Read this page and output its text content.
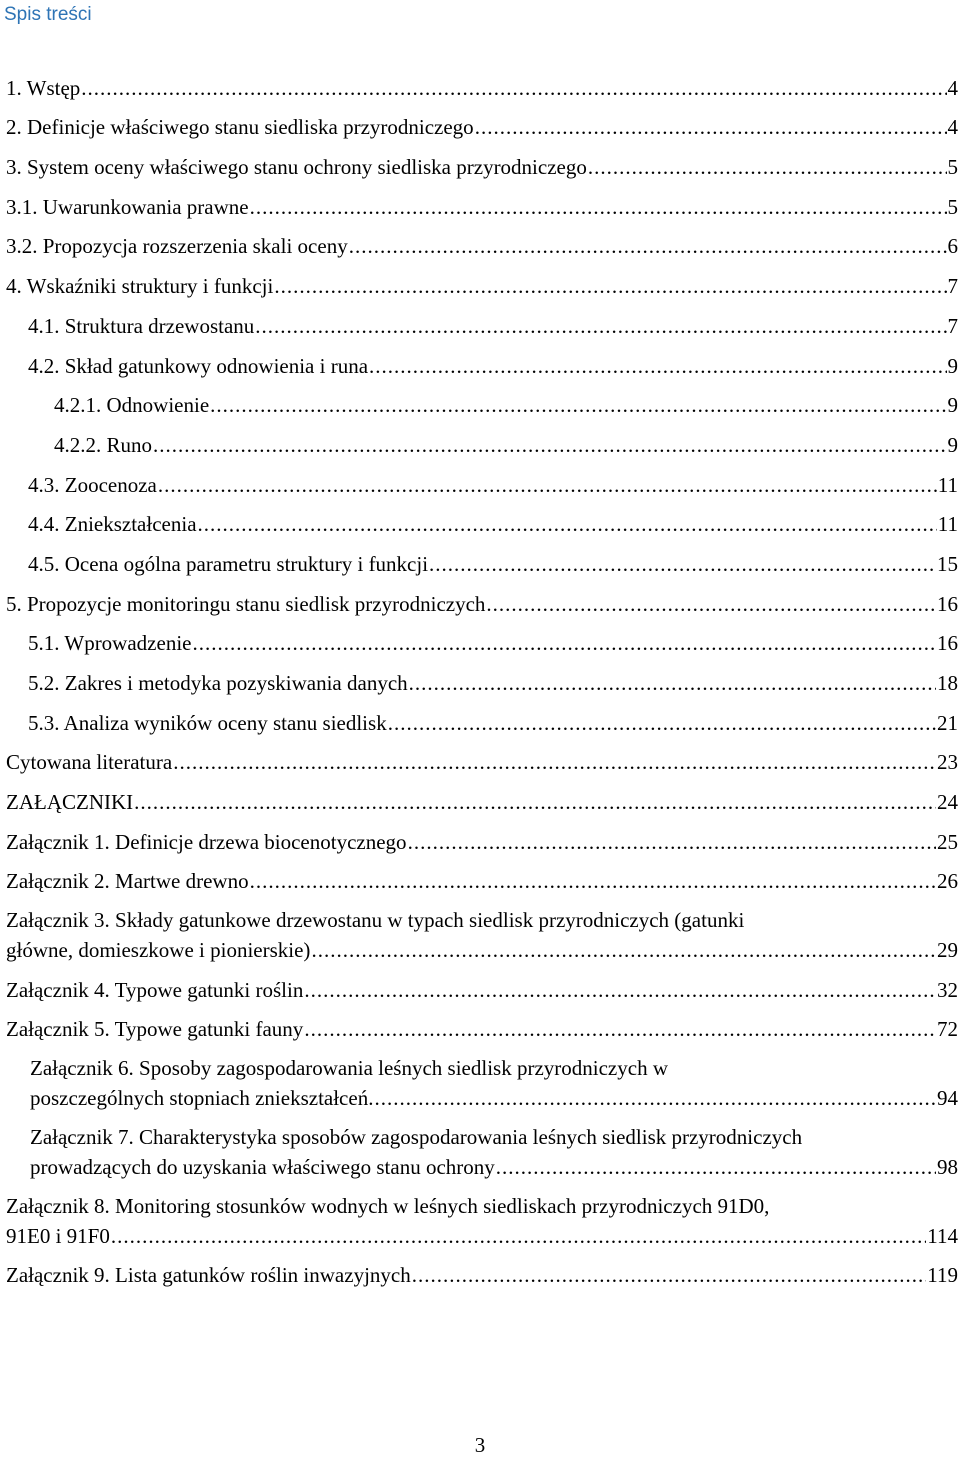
Spis treści
1. Wstęp .....	4
2. Definicje właściwego stanu siedliska przyrodniczego .....	4
3. System oceny właściwego stanu ochrony siedliska przyrodniczego .....	5
3.1. Uwarunkowania prawne .....	5
3.2. Propozycja rozszerzenia skali oceny .....	6
4. Wskaźniki struktury i funkcji .....	7
4.1. Struktura drzewostanu .....	7
4.2. Skład gatunkowy odnowienia i runa .....	9
4.2.1. Odnowienie .....	9
4.2.2. Runo .....	9
4.3. Zoocenoza .....	11
4.4. Zniekształcenia .....	11
4.5. Ocena ogólna parametru struktury i funkcji .....	15
5. Propozycje monitoringu stanu siedlisk przyrodniczych .....	16
5.1. Wprowadzenie .....	16
5.2. Zakres i metodyka pozyskiwania danych .....	18
5.3. Analiza wyników oceny stanu siedlisk .....	21
Cytowana literatura .....	23
ZAŁĄCZNIKI .....	24
Załącznik 1. Definicje drzewa biocenotycznego .....	25
Załącznik 2. Martwe drewno .....	26
Załącznik 3. Składy gatunkowe drzewostanu w typach siedlisk przyrodniczych (gatunki
główne, domieszkowe i pionierskie) .....	29
Załącznik 4. Typowe gatunki roślin .....	32
Załącznik 5. Typowe gatunki fauny .....	72
Załącznik 6. Sposoby zagospodarowania leśnych siedlisk przyrodniczych w
poszczególnych stopniach zniekształceń. .....	94
Załącznik 7. Charakterystyka sposobów zagospodarowania leśnych siedlisk przyrodniczych
prowadzących do uzyskania właściwego stanu ochrony .....	98
Załącznik 8. Monitoring stosunków wodnych w leśnych siedliskach przyrodniczych 91D0,
91E0 i 91F0 .....	114
Załącznik 9. Lista gatunków roślin inwazyjnych .....	119
3
